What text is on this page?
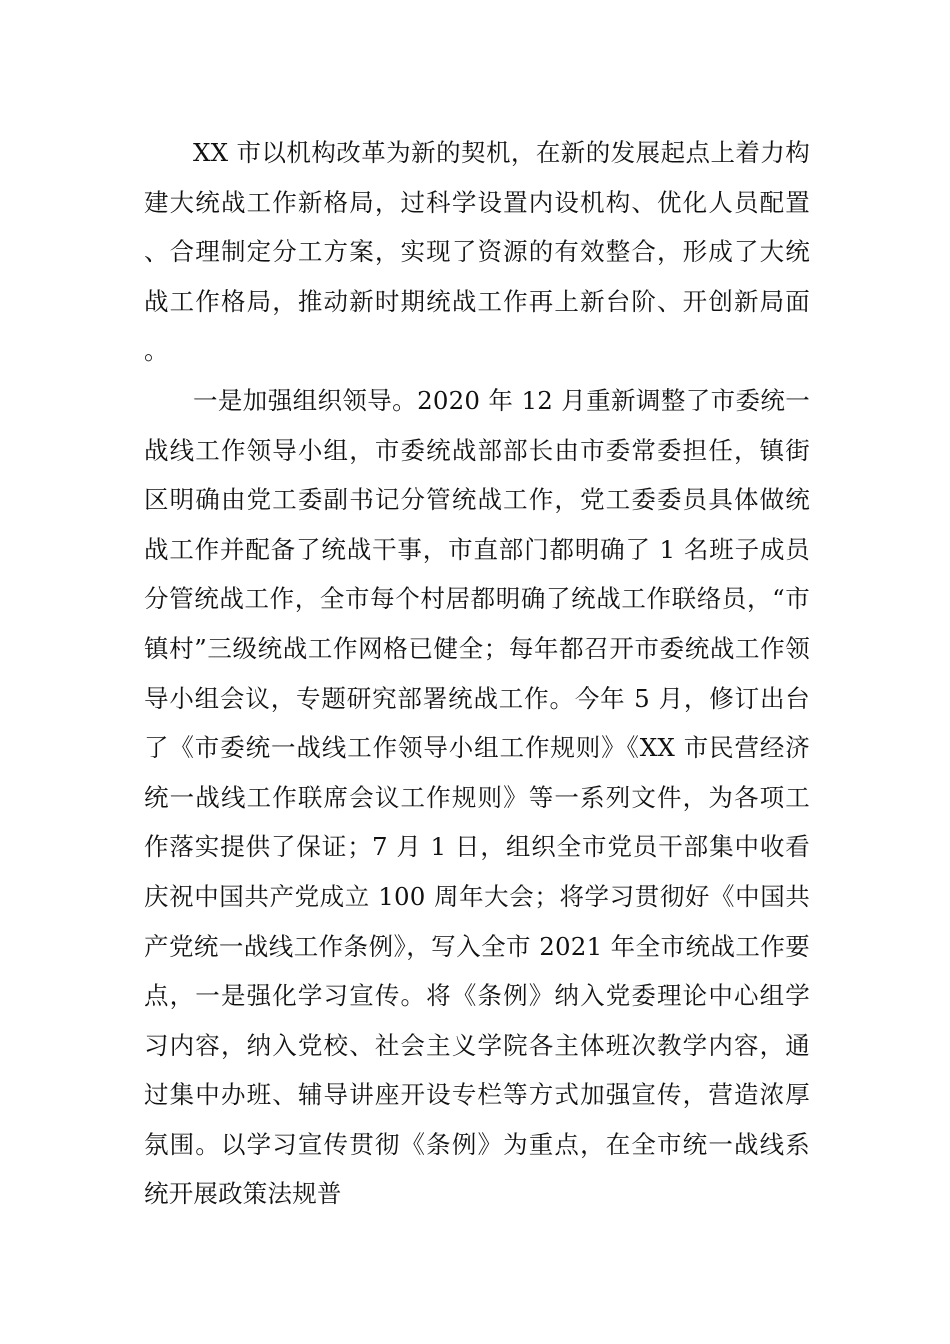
XX 市以机构改革为新的契机，在新的发展起点上着力构建大统战工作新格局，过科学设置内设机构、优化人员配置、合理制定分工方案，实现了资源的有效整合，形成了大统战工作格局，推动新时期统战工作再上新台阶、开创新局面。

一是加强组织领导。2020 年 12 月重新调整了市委统一战线工作领导小组，市委统战部部长由市委常委担任，镇街区明确由党工委副书记分管统战工作，党工委委员具体做统战工作并配备了统战干事，市直部门都明确了 1 名班子成员分管统战工作，全市每个村居都明确了统战工作联络员，“市镇村”三级统战工作网格已健全；每年都召开市委统战工作领导小组会议，专题研究部署统战工作。今年 5 月，修订出台了《市委统一战线工作领导小组工作规则》《XX 市民营经济统一战线工作联席会议工作规则》等一系列文件，为各项工作落实提供了保证；7 月 1 日，组织全市党员干部集中收看庆祝中国共产党成立 100 周年大会；将学习贯彻好《中国共产党统一战线工作条例》，写入全市 2021 年全市统战工作要点，一是强化学习宣传。将《条例》纳入党委理论中心组学习内容，纳入党校、社会主义学院各主体班次教学内容，通过集中办班、辅导讲座开设专栏等方式加强宣传，营造浓厚氛围。以学习宣传贯彻《条例》为重点，在全市统一战线系统开展政策法规普
